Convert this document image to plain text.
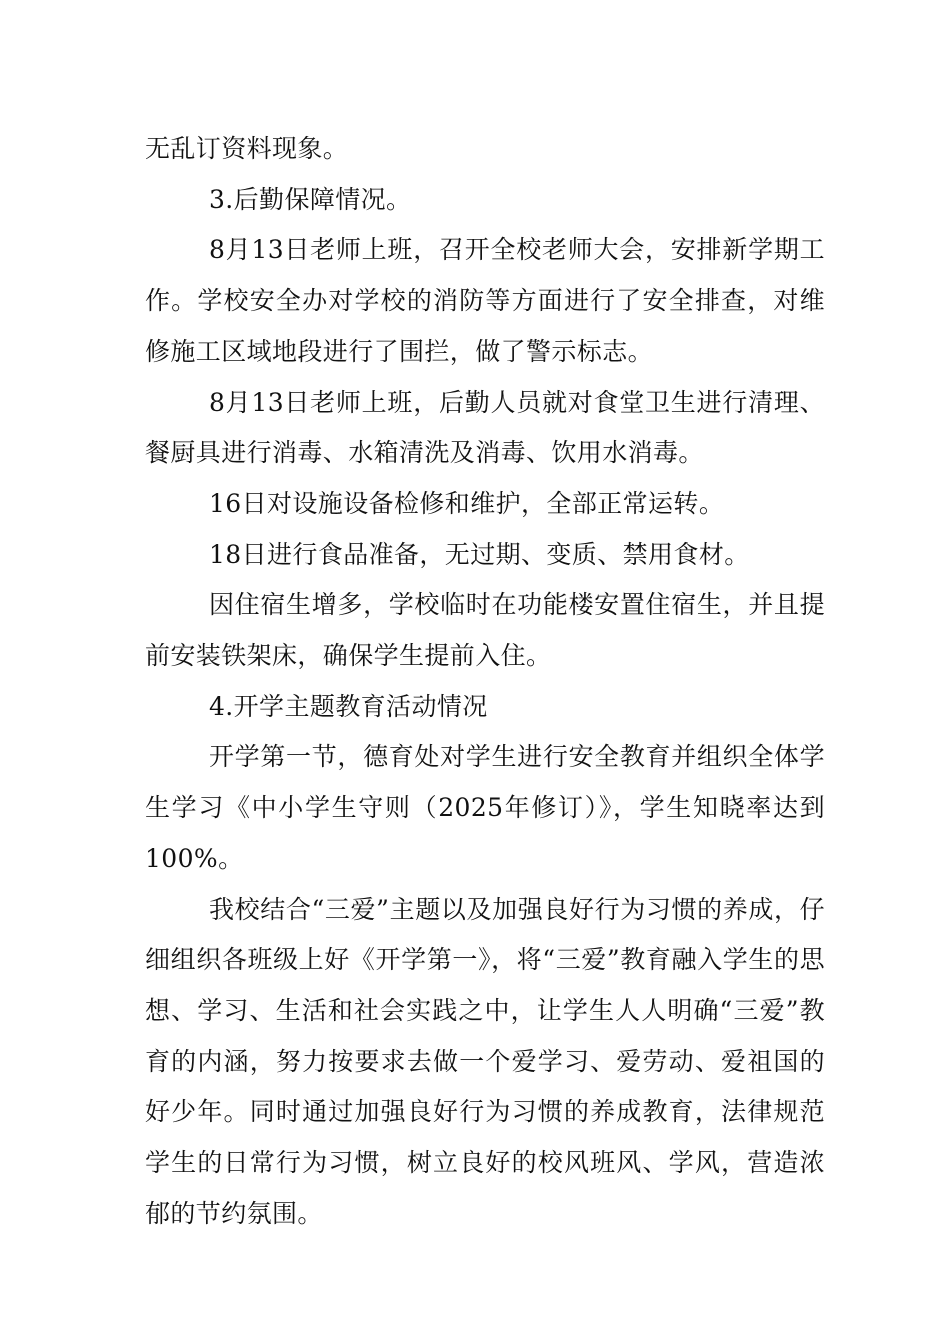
无乱订资料现象。

3.后勤保障情况。

8月13日老师上班，召开全校老师大会，安排新学期工作。学校安全办对学校的消防等方面进行了安全排查，对维修施工区域地段进行了围拦，做了警示标志。

8月13日老师上班，后勤人员就对食堂卫生进行清理、餐厨具进行消毒、水箱清洗及消毒、饮用水消毒。

16日对设施设备检修和维护，全部正常运转。

18日进行食品准备，无过期、变质、禁用食材。

因住宿生增多，学校临时在功能楼安置住宿生，并且提前安装铁架床，确保学生提前入住。

4.开学主题教育活动情况

开学第一节，德育处对学生进行安全教育并组织全体学生学习《中小学生守则（2025年修订）》，学生知晓率达到100%。

我校结合“三爱”主题以及加强良好行为习惯的养成，仔细组织各班级上好《开学第一》，将“三爱”教育融入学生的思想、学习、生活和社会实践之中，让学生人人明确“三爱”教育的内涵，努力按要求去做一个爱学习、爱劳动、爱祖国的好少年。同时通过加强良好行为习惯的养成教育，法律规范学生的日常行为习惯，树立良好的校风班风、学风，营造浓郁的节约氛围。
